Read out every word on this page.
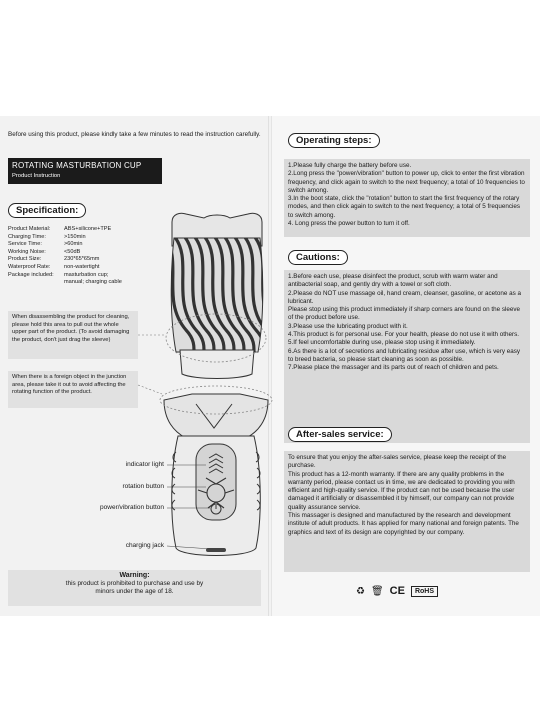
Before using this product, please kindly take a few minutes to read the instruction carefully.
ROTATING MASTURBATION CUP
Product Instruction
Specification:
Product Material:	ABS+silicone+TPE
Charging Time:	>150min
Service Time:	>60min
Working Noise:	<50dB
Product Size:	230*65*65mm
Waterproof Rate:	non-watertight
Package included:	masturbation cup;
manual; charging cable
When disassembling the product for cleaning, please hold this area to pull out the whole upper part of the product. (To avoid damaging the product, don't just drag the sleeve)
When there is a foreign object in the junction area, please take it out to avoid affecting the rotating function of the product.
indicator light
rotation button
power/vibration button
charging jack
Warning:
this product is prohibited to purchase and use by
minors under the age of 18.
Operating steps:

1.Please fully charge the battery before use.

2.Long press the "power/vibration" button to power up, click to enter the first vibration frequency, and click again to switch to the next frequency; a total of 10 frequencies to switch among.

3.In the boot state, click the "rotation" button to start the first frequency of the rotary modes, and then click again to switch to the next frequency; a total of 5 frequencies to switch among.

4. Long press the power button to turn it off.

Cautions:

1.Before each use, please disinfect the product, scrub with warm water and antibacterial soap, and gently dry with a towel or soft cloth.

2.Please do NOT use massage oil, hand cream, cleanser, gasoline, or acetone as a lubricant.

Please stop using this product immediately if sharp corners are found on the sleeve of the product before use.

3.Please use the lubricating product with it.

4.This product is for personal use. For your health, please do not use it with others.

5.If feel uncomfortable during use, please stop using it immediately.

6.As there is a lot of secretions and lubricating residue after use, which is very easy to breed bacteria, so please start cleaning as soon as possible.

7.Please place the massager and its parts out of reach of children and pets.

After-sales service:

To ensure that you enjoy the after-sales service, please keep the receipt of the purchase.

This product has a 12-month warranty. If there are any quality problems in the warranty period, please contact us in time, we are dedicated to providing you with efficient and high-quality service. If the product can not be used because the user damaged it artificially or disassembled it by himself, our company can not provide quality assurance service.

This massager is designed and manufactured by the research and development institute of adult products. It has applied for many national and foreign patents. The graphics and text of its design are copyrighted by our company.

♻ 🗑 CE	RoHS
